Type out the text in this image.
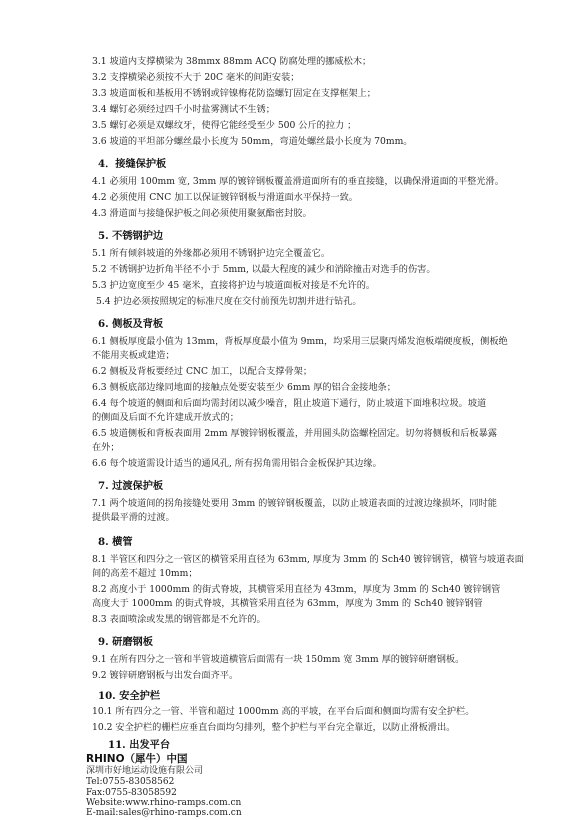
3.1 坡道内支撑横梁为 38mmx 88mm ACQ 防腐处理的挪威松木；
3.2 支撑横梁必须按不大于 20C 毫米的间距安装；
3.3 坡道面板和基板用不锈钢或锌镍梅花防盗螺钉固定在支撑框架上；
3.4 螺钉必须经过四千小时盐雾测试不生锈；
3.5 螺钉必须是双螺纹牙，使得它能经受至少 500 公斤的拉力 ；
3.6 坡道的平坦部分螺丝最小长度为 50mm，弯道处螺丝最小长度为 70mm。
4．接缝保护板
4.1 必须用 100mm 宽, 3mm 厚的镀锌钢板覆盖滑道面所有的垂直接缝，以确保滑道面的平整光滑。
4.2 必须使用 CNC 加工以保证镀锌钢板与滑道面水平保持一致。
4.3 滑道面与接缝保护板之间必须使用聚氨酯密封胶。
5. 不锈钢护边
5.1 所有倾斜坡道的外缘都必须用不锈钢护边完全覆盖它。
5.2 不锈钢护边折角半径不小于 5mm, 以最大程度的减少和消除撞击对选手的伤害。
5.3 护边宽度至少 45 毫米，直接将护边与坡道面板对接是不允许的。
5.4 护边必须按照规定的标准尺度在交付前预先切割并进行钻孔。
6. 侧板及背板
6.1 侧板厚度最小值为 13mm，背板厚度最小值为 9mm，均采用三层聚丙烯发泡板端硬度板，侧板绝
不能用夹板或建造；
6.2 侧板及背板要经过 CNC 加工，以配合支撑骨架；
6.3 侧板底部边缘同地面的接触点处要安装至少 6mm 厚的铝合金接地条；
6.4 每个坡道的侧面和后面均需封闭以减少噪音，阻止坡道下通行，防止坡道下面堆积垃圾。坡道
的侧面及后面不允许建成开放式的；
6.5 坡道侧板和背板表面用 2mm 厚镀锌钢板覆盖，并用圆头防盗螺栓固定。切勿将侧板和后板暴露
在外；
6.6 每个坡道需设计适当的通风孔, 所有拐角需用铝合金板保护其边缘。
7. 过渡保护板
7.1 两个坡道间的拐角接缝处要用 3mm 的镀锌钢板覆盖，以防止坡道表面的过渡边缘损坏，同时能
提供最平滑的过渡。
8. 横管
8.1 半管区和四分之一管区的横管采用直径为 63mm, 厚度为 3mm 的 Sch40 镀锌钢管，横管与坡道表面
间的高差不超过 10mm；
8.2 高度小于 1000mm 的街式脊坡，其横管采用直径为 43mm，厚度为 3mm 的 Sch40 镀锌钢管
高度大于 1000mm 的街式脊坡，其横管采用直径为 63mm，厚度为 3mm 的 Sch40 镀锌钢管
8.3 表面喷涂或发黑的钢管都是不允许的。
9. 研磨钢板
9.1 在所有四分之一管和半管坡道横管后面需有一块 150mm 宽 3mm 厚的镀锌研磨钢板。
9.2 镀锌研磨钢板与出发台面齐平。
10. 安全护栏
10.1 所有四分之一管、半管和超过 1000mm 高的平坡，在平台后面和侧面均需有安全护栏。
10.2 安全护栏的栅栏应垂直台面均匀排列，整个护栏与平台完全靠近，以防止滑板滑出。
11. 出发平台
RHINO（犀牛）中国
深圳市好地运动设施有限公司
Tel:0755-83058562
Fax:0755-83058592
Website:www.rhino-ramps.com.cn
E-mail:sales@rhino-ramps.com.cn
